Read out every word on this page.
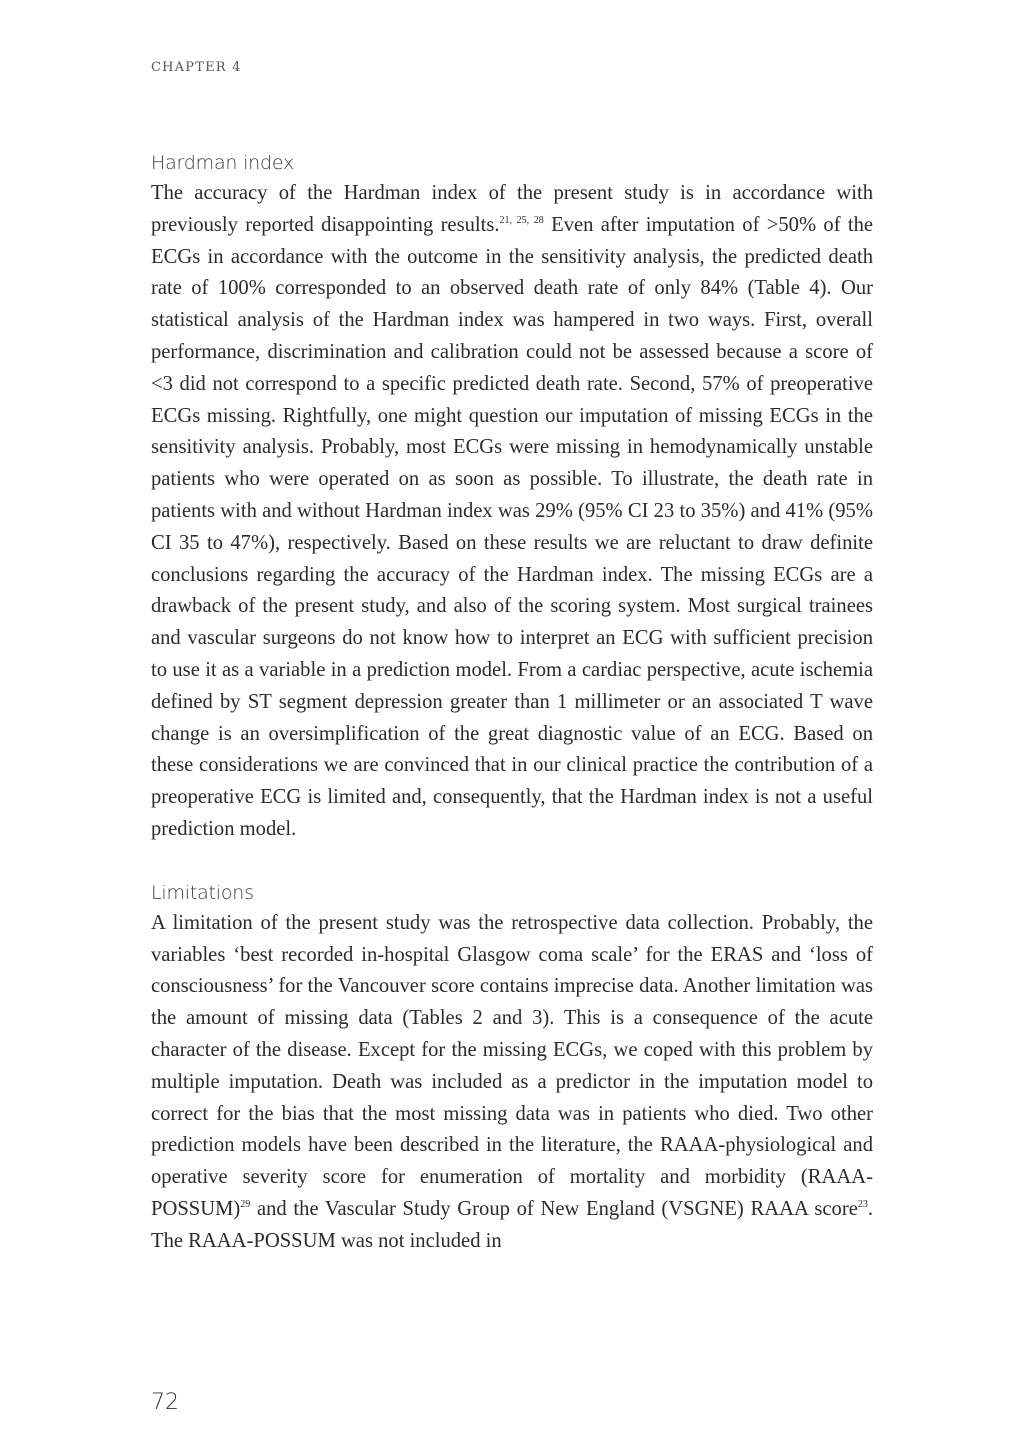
CHAPTER 4
Hardman index

The accuracy of the Hardman index of the present study is in accordance with previously reported disappointing results.$^{21, 25, 28}$ Even after imputation of >50% of the ECGs in accordance with the outcome in the sensitivity analysis, the predicted death rate of 100% corresponded to an observed death rate of only 84% (Table 4). Our statistical analysis of the Hardman index was hampered in two ways. First, overall performance, discrimination and calibration could not be assessed because a score of <3 did not correspond to a specific predicted death rate. Second, 57% of preoperative ECGs missing. Rightfully, one might question our imputation of missing ECGs in the sensitivity analysis. Probably, most ECGs were missing in hemodynamically unstable patients who were operated on as soon as possible. To illustrate, the death rate in patients with and without Hardman index was 29% (95% CI 23 to 35%) and 41% (95% CI 35 to 47%), respectively. Based on these results we are reluctant to draw definite conclusions regarding the accuracy of the Hardman index. The missing ECGs are a drawback of the present study, and also of the scoring system. Most surgical trainees and vascular surgeons do not know how to interpret an ECG with sufficient precision to use it as a variable in a prediction model. From a cardiac perspective, acute ischemia defined by ST segment depression greater than 1 millimeter or an associated T wave change is an oversimplification of the great diagnostic value of an ECG. Based on these considerations we are convinced that in our clinical practice the contribution of a preoperative ECG is limited and, consequently, that the Hardman index is not a useful prediction model.

Limitations

A limitation of the present study was the retrospective data collection. Probably, the variables ‘best recorded in-hospital Glasgow coma scale’ for the ERAS and ‘loss of consciousness’ for the Vancouver score contains imprecise data. Another limitation was the amount of missing data (Tables 2 and 3). This is a consequence of the acute character of the disease. Except for the missing ECGs, we coped with this problem by multiple imputation. Death was included as a predictor in the imputation model to correct for the bias that the most missing data was in patients who died. Two other prediction models have been described in the literature, the RAAA-physiological and operative severity score for enumeration of mortality and morbidity (RAAA-POSSUM)$^{29}$ and the Vascular Study Group of New England (VSGNE) RAAA score$^{23}$. The RAAA-POSSUM was not included in

72
